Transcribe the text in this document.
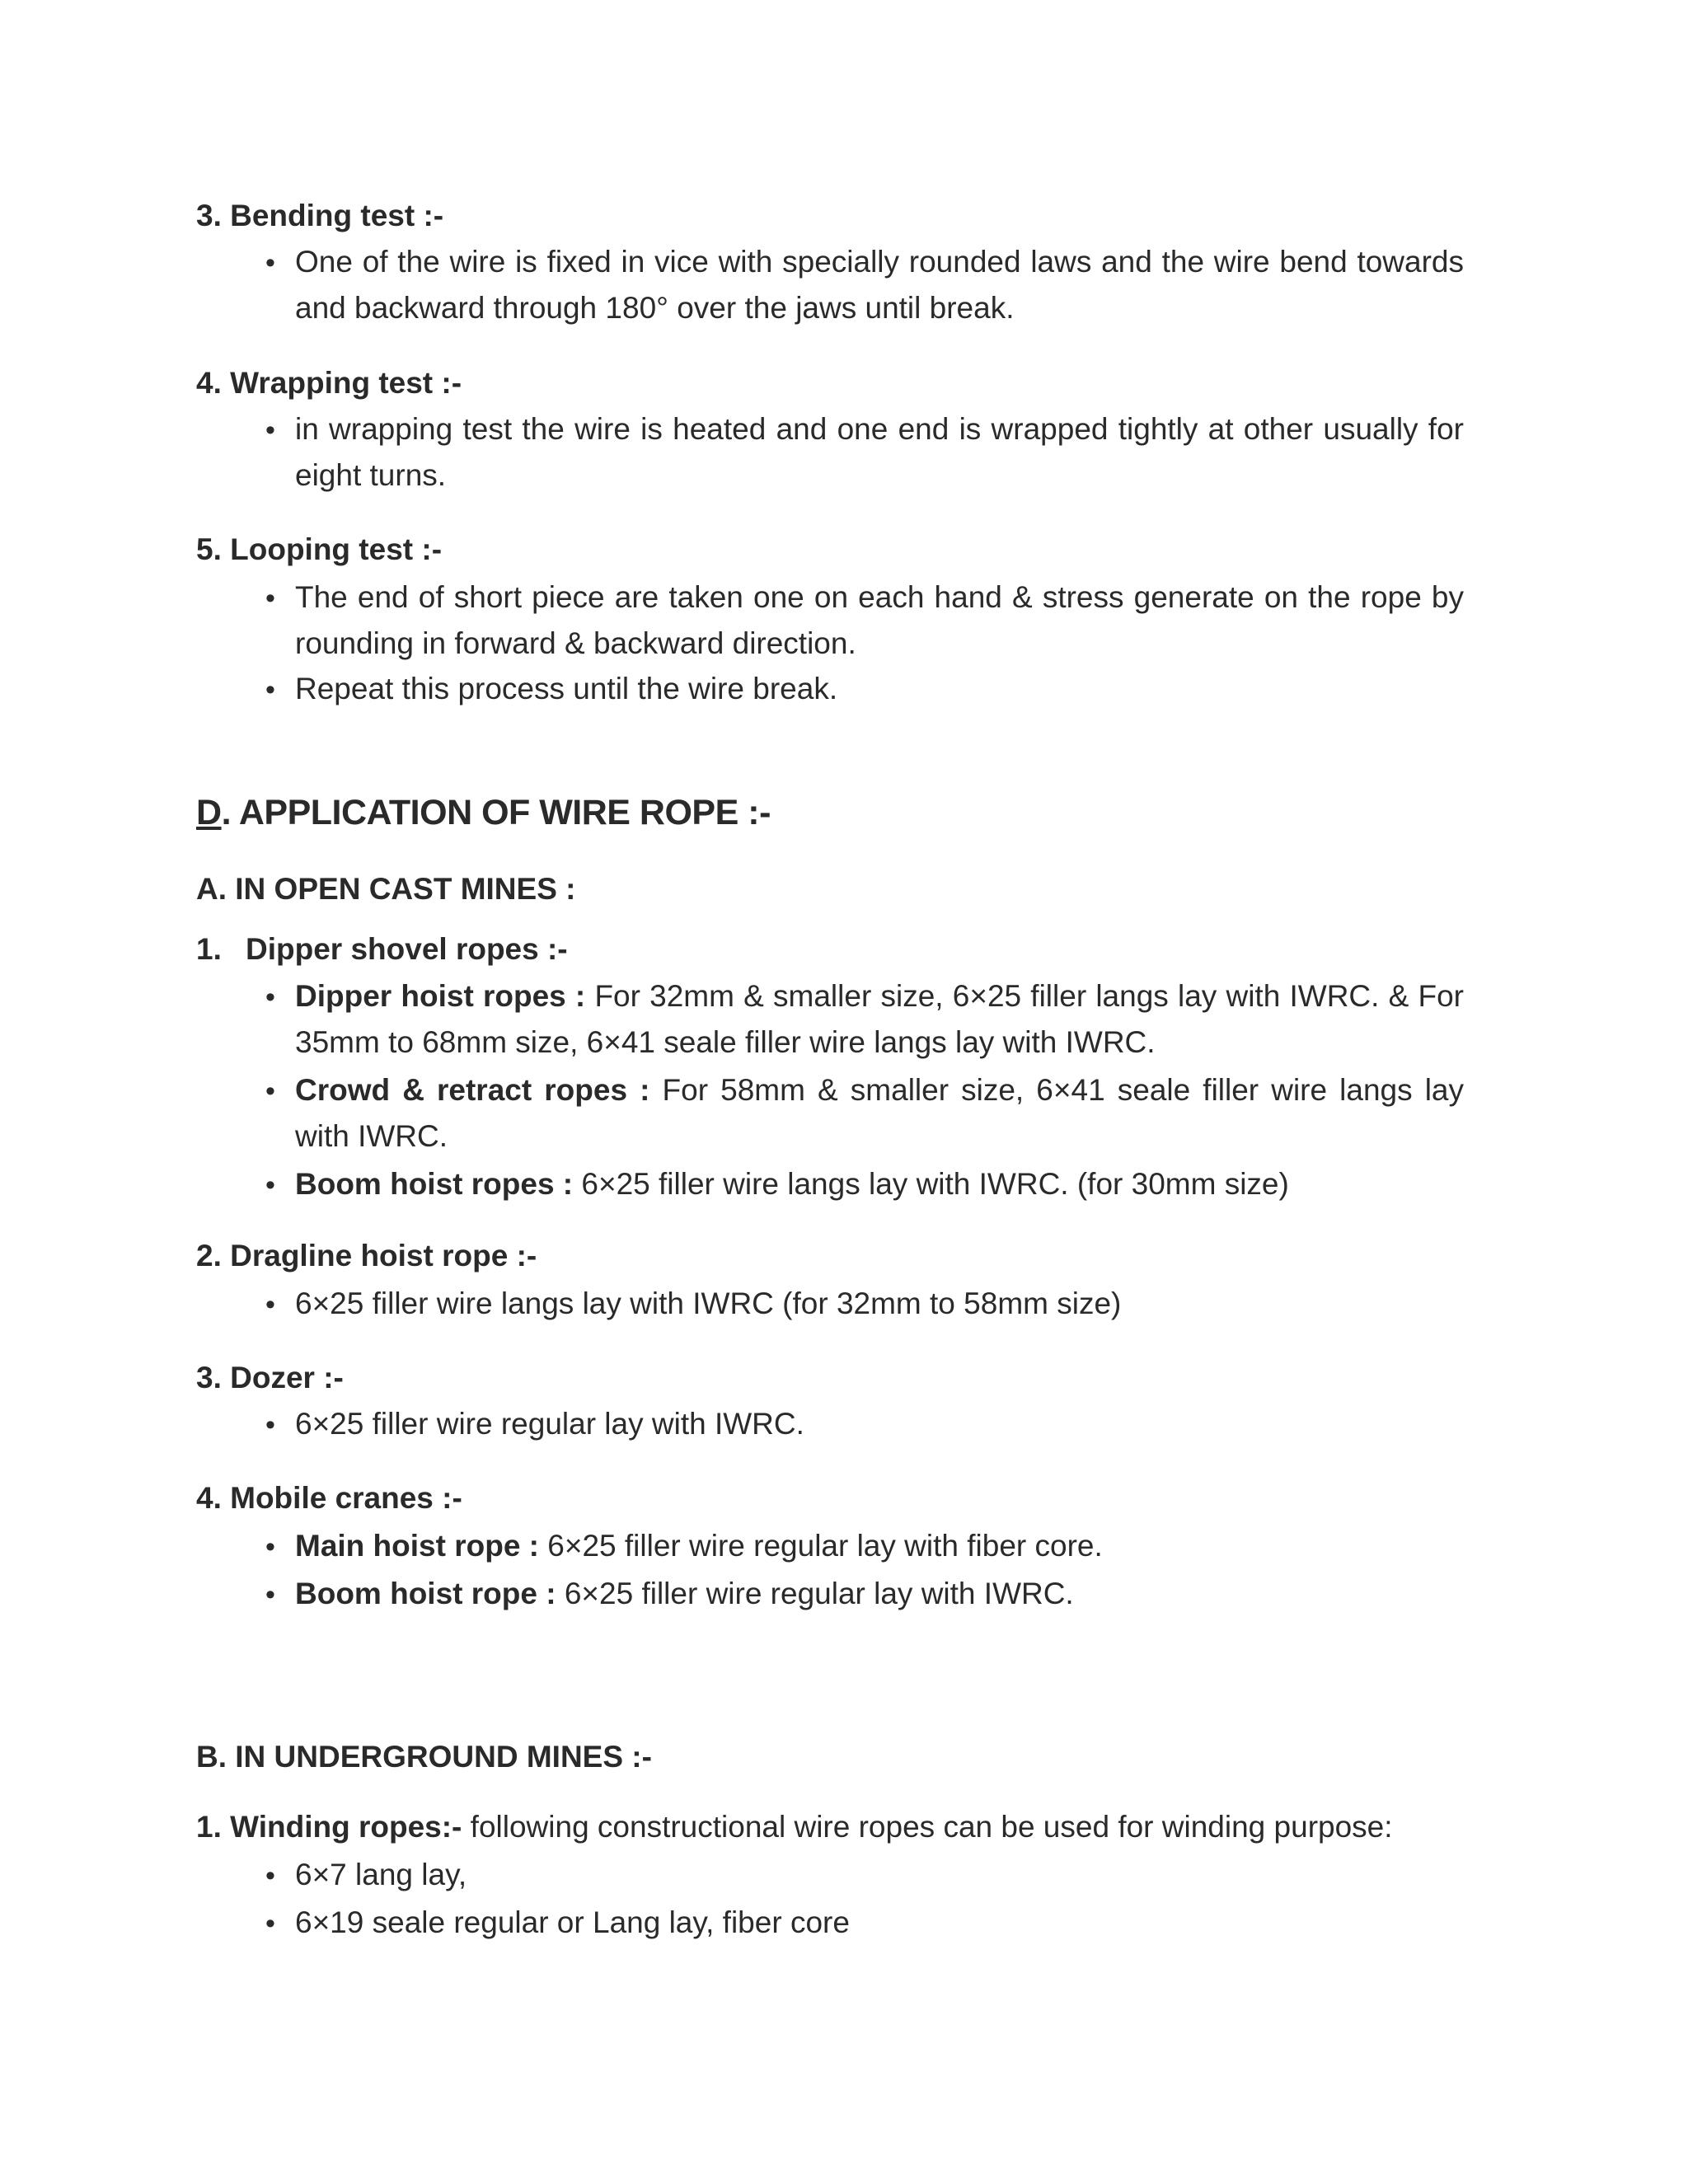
3. Bending test :-
• One of the wire is fixed in vice with specially rounded laws and the wire bend towards and backward through 180° over the jaws until break.

4. Wrapping test :-
• in wrapping test the wire is heated and one end is wrapped tightly at other usually for eight turns.

5. Looping test :-
• The end of short piece are taken one on each hand & stress generate on the rope by rounding in forward & backward direction.

• Repeat this process until the wire break.

D. APPLICATION OF WIRE ROPE :-
A. IN OPEN CAST MINES :
1. Dipper shovel ropes :-
• Dipper hoist ropes : For 32mm & smaller size, 6×25 filler langs lay with IWRC. & For 35mm to 68mm size, 6×41 seale filler wire langs lay with IWRC.

• Crowd & retract ropes : For 58mm & smaller size, 6×41 seale filler wire langs lay with IWRC.

• Boom hoist ropes : 6×25 filler wire langs lay with IWRC. (for 30mm size)

2. Dragline hoist rope :-
• 6×25 filler wire langs lay with IWRC (for 32mm to 58mm size)

3. Dozer :-
• 6×25 filler wire regular lay with IWRC.

4. Mobile cranes :-
• Main hoist rope : 6×25 filler wire regular lay with fiber core.

• Boom hoist rope : 6×25 filler wire regular lay with IWRC.

B. IN UNDERGROUND MINES :-
1. Winding ropes:- following constructional wire ropes can be used for winding purpose:
• 6×7 lang lay,

• 6×19 seale regular or Lang lay, fiber core
